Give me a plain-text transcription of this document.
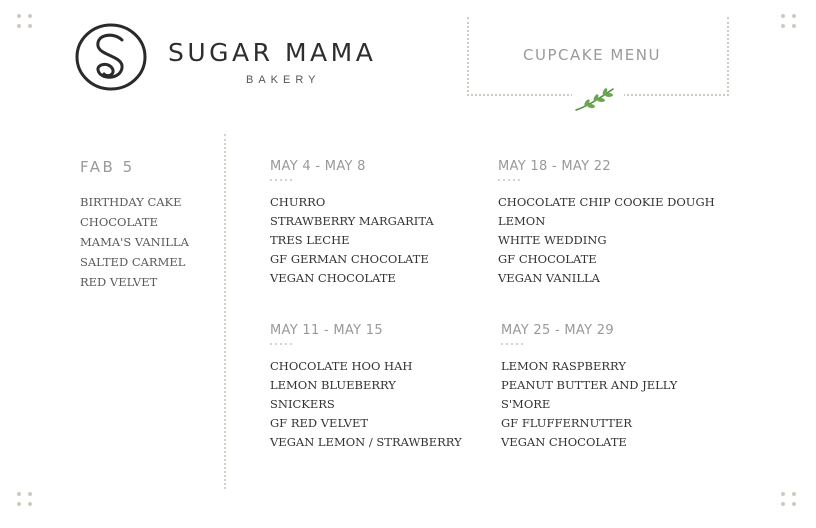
SUGAR MAMA
BAKERY
CUPCAKE MENU
FAB 5
BIRTHDAY CAKE
CHOCOLATE
MAMA'S VANILLA
SALTED CARMEL
RED VELVET
MAY 4 - MAY 8
CHURRO
STRAWBERRY MARGARITA
TRES LECHE
GF GERMAN CHOCOLATE
VEGAN CHOCOLATE
MAY 18 - MAY 22
CHOCOLATE CHIP COOKIE DOUGH
LEMON
WHITE WEDDING
GF CHOCOLATE
VEGAN VANILLA
MAY 11 - MAY 15
CHOCOLATE HOO HAH
LEMON BLUEBERRY
SNICKERS
GF RED VELVET
VEGAN LEMON / STRAWBERRY
MAY 25 - MAY 29
LEMON RASPBERRY
PEANUT BUTTER AND JELLY
S'MORE
GF FLUFFERNUTTER
VEGAN CHOCOLATE
